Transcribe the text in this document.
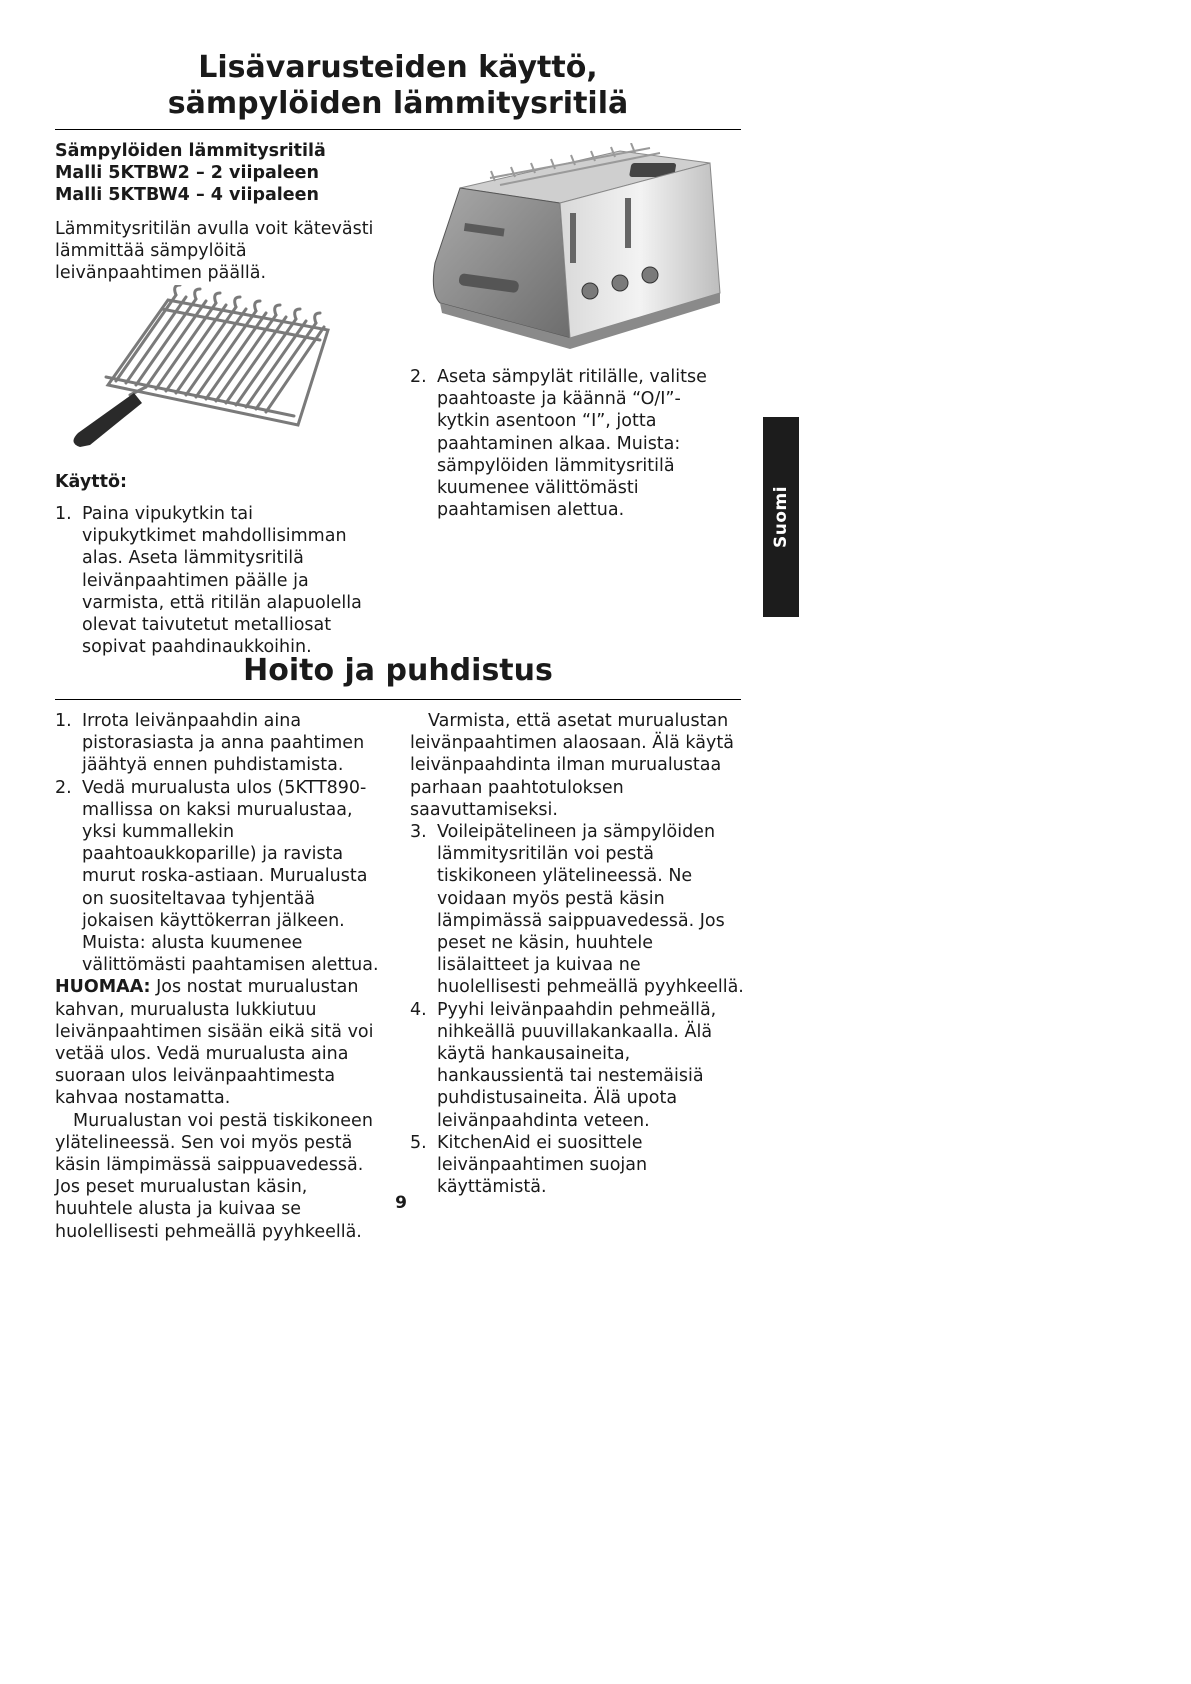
Lisävarusteiden käyttö,
sämpylöiden lämmitysritilä
Sämpylöiden lämmitysritilä
Malli 5KTBW2 – 2 viipaleen
Malli 5KTBW4 – 4 viipaleen

Lämmitysritilän avulla voit kätevästi lämmittää sämpylöitä leivänpaahtimen päällä.

Käyttö:
1. Paina vipukytkin tai vipukytkimet mahdollisimman alas. Aseta lämmitysritilä leivänpaahtimen päälle ja varmista, että ritilän alapuolella olevat taivutetut metalliosat sopivat paahdinaukkoihin.
2. Aseta sämpylät ritilälle, valitse paahtoaste ja käännä “O/I”-kytkin asentoon “I”, jotta paahtaminen alkaa. Muista: sämpylöiden lämmitysritilä kuumenee välittömästi paahtamisen alettua.
Hoito ja puhdistus
1. Irrota leivänpaahdin aina pistorasiasta ja anna paahtimen jäähtyä ennen puhdistamista.
2. Vedä murualusta ulos (5KTT890-mallissa on kaksi murualustaa, yksi kummallekin paahtoaukkoparille) ja ravista murut roska-astiaan. Murualusta on suositeltavaa tyhjentää jokaisen käyttökerran jälkeen. Muista: alusta kuumenee välittömästi paahtamisen alettua.

HUOMAA: Jos nostat murualustan kahvan, murualusta lukkiutuu leivänpaahtimen sisään eikä sitä voi vetää ulos. Vedä murualusta aina suoraan ulos leivänpaahtimesta kahvaa nostamatta.

Murualustan voi pestä tiskikoneen ylätelineessä. Sen voi myös pestä käsin lämpimässä saippuavedessä. Jos peset murualustan käsin, huuhtele alusta ja kuivaa se huolellisesti pehmeällä pyyhkeellä.

Varmista, että asetat murualustan leivänpaahtimen alaosaan. Älä käytä leivänpaahdinta ilman murualustaa parhaan paahtotuloksen saavuttamiseksi.

3. Voileipätelineen ja sämpylöiden lämmitysritilän voi pestä tiskikoneen ylätelineessä. Ne voidaan myös pestä käsin lämpimässä saippuavedessä. Jos peset ne käsin, huuhtele lisälaitteet ja kuivaa ne huolellisesti pehmeällä pyyhkeellä.
4. Pyyhi leivänpaahdin pehmeällä, nihkeällä puuvillakankaalla. Älä käytä hankausaineita, hankaussientä tai nestemäisiä puhdistusaineita. Älä upota leivänpaahdinta veteen.
5. KitchenAid ei suosittele leivänpaahtimen suojan käyttämistä.
Suomi
9
